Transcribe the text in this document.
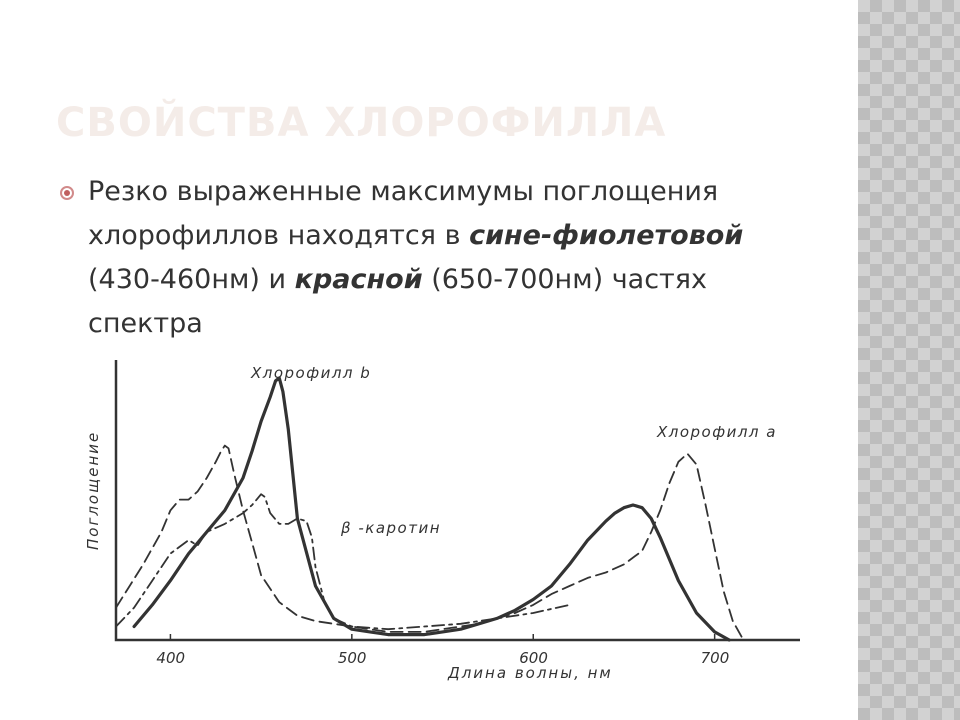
СВОЙСТВА ХЛОРОФИЛЛА

Резко выраженные максимумы поглощения хлорофиллов находятся в сине-фиолетовой (430-460нм) и красной (650-700нм) частях спектра

400	500	600	700
Длина волны, нм
Поглощение
Хлорофилл b
Хлорофилл a
β -каротин
